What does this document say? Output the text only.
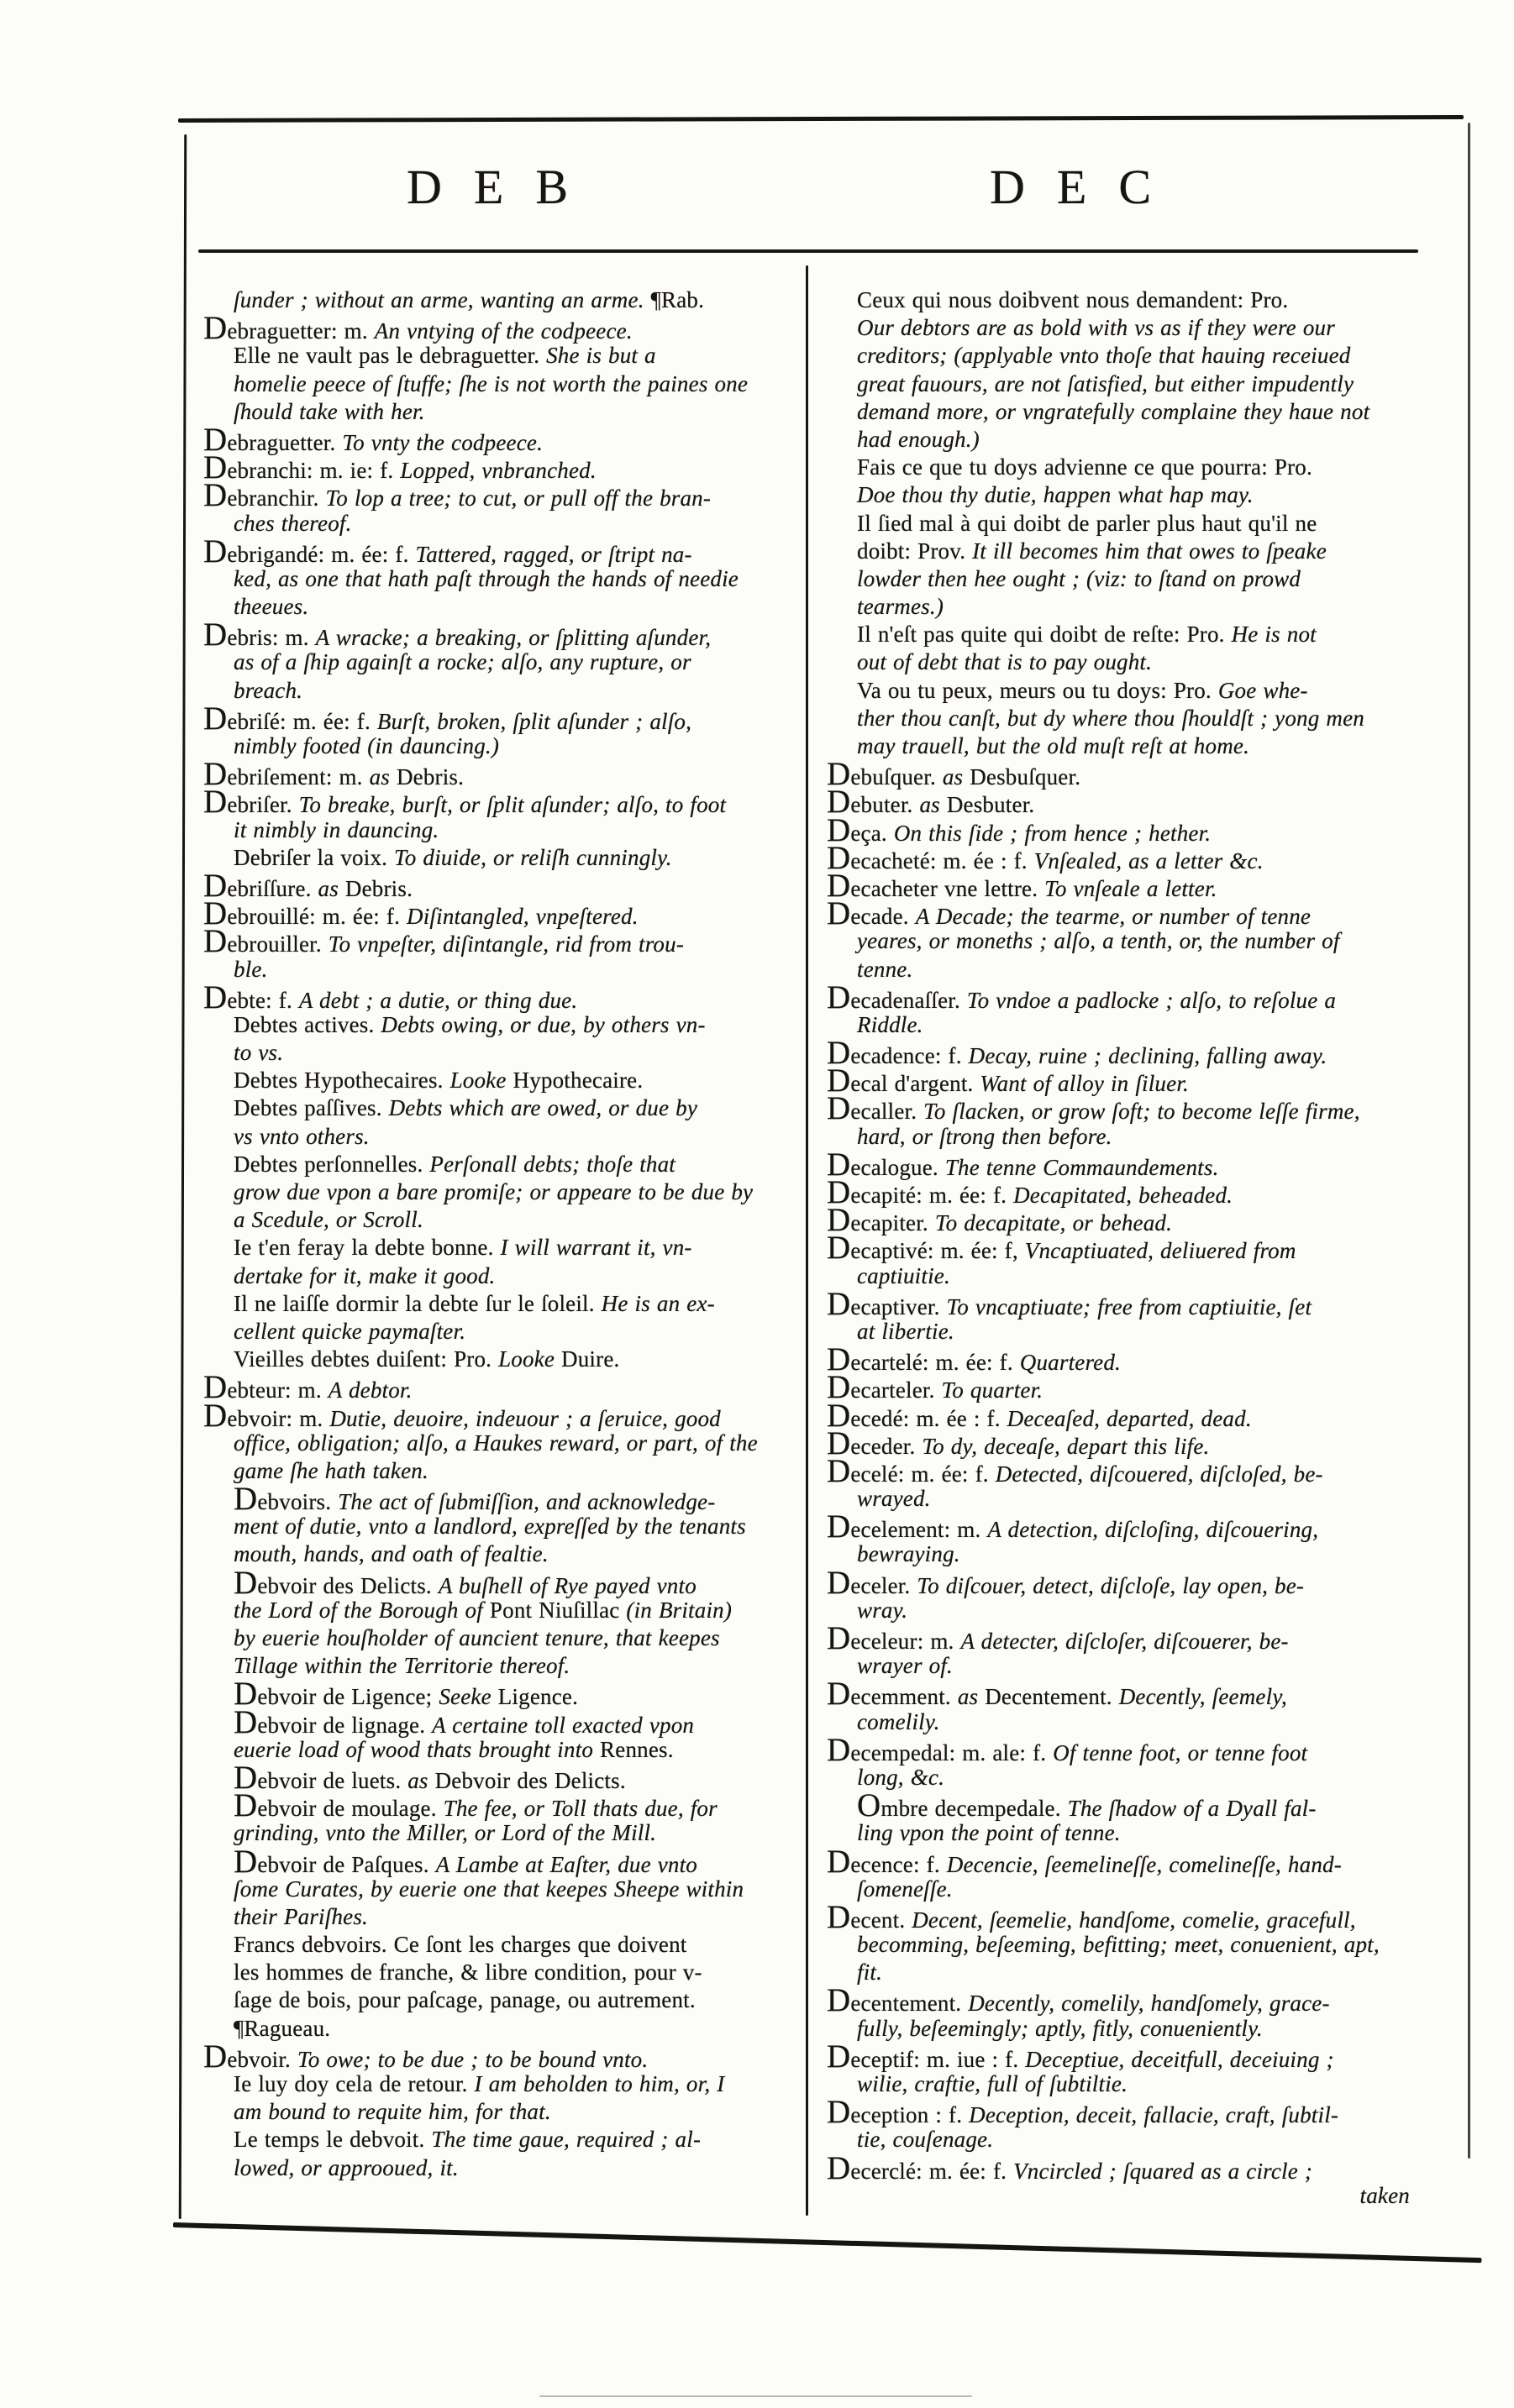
DEB	DEC
ſunder ; without an arme, wanting an arme. ¶Rab.
Debraguetter: m. An vntying of the codpeece.
Elle ne vault pas le debraguetter. She is but a
homelie peece of ſtuffe; ſhe is not worth the paines one
ſhould take with her.
Debraguetter. To vnty the codpeece.
Debranchi: m. ie: f. Lopped, vnbranched.
Debranchir. To lop a tree; to cut, or pull off the bran-
ches thereof.
Debrigandé: m. ée: f. Tattered, ragged, or ſtript na-
ked, as one that hath paſt through the hands of needie
theeues.
Debris: m. A wracke; a breaking, or ſplitting aſunder,
as of a ſhip againſt a rocke; alſo, any rupture, or
breach.
Debriſé: m. ée: f. Burſt, broken, ſplit aſunder ; alſo,
nimbly footed (in dauncing.)
Debriſement: m. as Debris.
Debriſer. To breake, burſt, or ſplit aſunder; alſo, to foot
it nimbly in dauncing.
Debriſer la voix. To diuide, or reliſh cunningly.
Debriſſure. as Debris.
Debrouillé: m. ée: f. Diſintangled, vnpeſtered.
Debrouiller. To vnpeſter, diſintangle, rid from trou-
ble.
Debte: f. A debt ; a dutie, or thing due.
Debtes actives. Debts owing, or due, by others vn-
to vs.
Debtes Hypothecaires. Looke Hypothecaire.
Debtes paſſives. Debts which are owed, or due by
vs vnto others.
Debtes perſonnelles. Perſonall debts; thoſe that
grow due vpon a bare promiſe; or appeare to be due by
a Scedule, or Scroll.
Ie t'en feray la debte bonne. I will warrant it, vn-
dertake for it, make it good.
Il ne laiſſe dormir la debte ſur le ſoleil. He is an ex-
cellent quicke paymaſter.
Vieilles debtes duiſent: Pro. Looke Duire.
Debteur: m. A debtor.
Debvoir: m. Dutie, deuoire, indeuour ; a ſeruice, good
office, obligation; alſo, a Haukes reward, or part, of the
game ſhe hath taken.
Debvoirs. The act of ſubmiſſion, and acknowledge-
ment of dutie, vnto a landlord, expreſſed by the tenants
mouth, hands, and oath of fealtie.
Debvoir des Delicts. A buſhell of Rye payed vnto
the Lord of the Borough of Pont Niuſillac (in Britain)
by euerie houſholder of auncient tenure, that keepes
Tillage within the Territorie thereof.
Debvoir de Ligence; Seeke Ligence.
Debvoir de lignage. A certaine toll exacted vpon
euerie load of wood thats brought into Rennes.
Debvoir de luets. as Debvoir des Delicts.
Debvoir de moulage. The fee, or Toll thats due, for
grinding, vnto the Miller, or Lord of the Mill.
Debvoir de Paſques. A Lambe at Eaſter, due vnto
ſome Curates, by euerie one that keepes Sheepe within
their Pariſhes.
Francs debvoirs. Ce ſont les charges que doivent
les hommes de franche, & libre condition, pour v-
ſage de bois, pour paſcage, panage, ou autrement.
¶Ragueau.
Debvoir. To owe; to be due ; to be bound vnto.
Ie luy doy cela de retour. I am beholden to him, or, I
am bound to requite him, for that.
Le temps le debvoit. The time gaue, required ; al-
lowed, or approoued, it.
Ceux qui nous doibvent nous demandent: Pro.
Our debtors are as bold with vs as if they were our
creditors; (applyable vnto thoſe that hauing receiued
great fauours, are not ſatisfied, but either impudently
demand more, or vngratefully complaine they haue not
had enough.)
Fais ce que tu doys advienne ce que pourra: Pro.
Doe thou thy dutie, happen what hap may.
Il ſied mal à qui doibt de parler plus haut qu'il ne
doibt: Prov. It ill becomes him that owes to ſpeake
lowder then hee ought ; (viz: to ſtand on prowd
tearmes.)
Il n'eſt pas quite qui doibt de reſte: Pro. He is not
out of debt that is to pay ought.
Va ou tu peux, meurs ou tu doys: Pro. Goe whe-
ther thou canſt, but dy where thou ſhouldſt ; yong men
may trauell, but the old muſt reſt at home.
Debuſquer. as Desbuſquer.
Debuter. as Desbuter.
Deça. On this ſide ; from hence ; hether.
Decacheté: m. ée : f. Vnſealed, as a letter &c.
Decacheter vne lettre. To vnſeale a letter.
Decade. A Decade; the tearme, or number of tenne
yeares, or moneths ; alſo, a tenth, or, the number of
tenne.
Decadenaſſer. To vndoe a padlocke ; alſo, to reſolue a
Riddle.
Decadence: f. Decay, ruine ; declining, falling away.
Decal d'argent. Want of alloy in ſiluer.
Decaller. To ſlacken, or grow ſoft; to become leſſe firme,
hard, or ſtrong then before.
Decalogue. The tenne Commaundements.
Decapité: m. ée: f. Decapitated, beheaded.
Decapiter. To decapitate, or behead.
Decaptivé: m. ée: f, Vncaptiuated, deliuered from
captiuitie.
Decaptiver. To vncaptiuate; free from captiuitie, ſet
at libertie.
Decartelé: m. ée: f. Quartered.
Decarteler. To quarter.
Decedé: m. ée : f. Deceaſed, departed, dead.
Deceder. To dy, deceaſe, depart this life.
Decelé: m. ée: f. Detected, diſcouered, diſcloſed, be-
wrayed.
Decelement: m. A detection, diſcloſing, diſcouering,
bewraying.
Deceler. To diſcouer, detect, diſcloſe, lay open, be-
wray.
Deceleur: m. A detecter, diſcloſer, diſcouerer, be-
wrayer of.
Decemment. as Decentement. Decently, ſeemely,
comelily.
Decempedal: m. ale: f. Of tenne foot, or tenne foot
long, &c.
Ombre decempedale. The ſhadow of a Dyall fal-
ling vpon the point of tenne.
Decence: f. Decencie, ſeemelineſſe, comelineſſe, hand-
ſomeneſſe.
Decent. Decent, ſeemelie, handſome, comelie, gracefull,
becomming, beſeeming, befitting; meet, conuenient, apt,
fit.
Decentement. Decently, comelily, handſomely, grace-
fully, beſeemingly; aptly, fitly, conueniently.
Deceptif: m. iue : f. Deceptiue, deceitfull, deceiuing ;
wilie, craftie, full of ſubtiltie.
Deception : f. Deception, deceit, fallacie, craft, ſubtil-
tie, couſenage.
Decerclé: m. ée: f. Vncircled ; ſquared as a circle ;
taken
